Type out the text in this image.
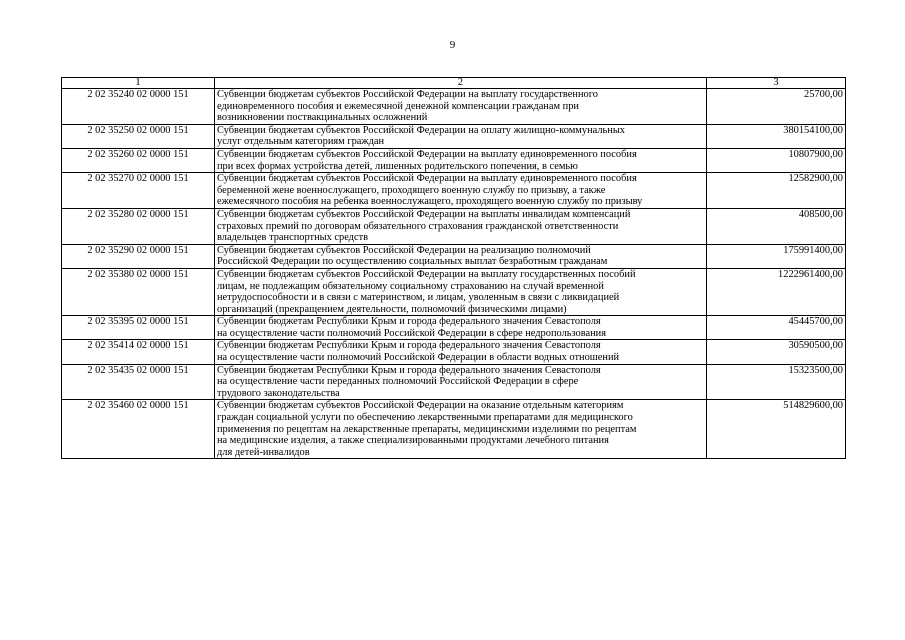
9
1	2	3
2 02 35240 02 0000 151	Субвенции бюджетам субъектов Российской Федерации на выплату государственного
единовременного пособия и ежемесячной денежной компенсации гражданам при
возникновении поствакцинальных осложнений	25700,00
2 02 35250 02 0000 151	Субвенции бюджетам субъектов Российской Федерации на оплату жилищно-коммунальных
услуг отдельным категориям граждан	380154100,00
2 02 35260 02 0000 151	Субвенции бюджетам субъектов Российской Федерации на выплату единовременного пособия
при всех формах устройства детей, лишенных родительского попечения, в семью	10807900,00
2 02 35270 02 0000 151	Субвенции бюджетам субъектов Российской Федерации на выплату единовременного пособия
беременной жене военнослужащего, проходящего военную службу по призыву, а также
ежемесячного пособия на ребенка военнослужащего, проходящего военную службу по призыву	12582900,00
2 02 35280 02 0000 151	Субвенции бюджетам субъектов Российской Федерации на выплаты инвалидам компенсаций
страховых премий по договорам обязательного страхования гражданской ответственности
владельцев транспортных средств	408500,00
2 02 35290 02 0000 151	Субвенции бюджетам субъектов Российской Федерации на реализацию полномочий
Российской Федерации по осуществлению социальных выплат безработным гражданам	175991400,00
2 02 35380 02 0000 151	Субвенции бюджетам субъектов Российской Федерации на выплату государственных пособий
лицам, не подлежащим обязательному социальному страхованию на случай временной
нетрудоспособности и в связи с материнством, и лицам, уволенным в связи с ликвидацией
организаций (прекращением деятельности, полномочий физическими лицами)	1222961400,00
2 02 35395 02 0000 151	Субвенции бюджетам Республики Крым и города федерального значения Севастополя
на осуществление части полномочий Российской Федерации в сфере недропользования	45445700,00
2 02 35414 02 0000 151	Субвенции бюджетам Республики Крым и города федерального значения Севастополя
на осуществление части полномочий Российской Федерации в области водных отношений	30590500,00
2 02 35435 02 0000 151	Субвенции бюджетам Республики Крым и города федерального значения Севастополя
на осуществление части переданных полномочий Российской Федерации в сфере
трудового законодательства	15323500,00
2 02 35460 02 0000 151	Субвенции бюджетам субъектов Российской Федерации на оказание отдельным категориям
граждан социальной услуги по обеспечению лекарственными препаратами для медицинского
применения по рецептам на лекарственные препараты, медицинскими изделиями по рецептам
на медицинские изделия, а также специализированными продуктами лечебного питания
для детей-инвалидов	514829600,00
